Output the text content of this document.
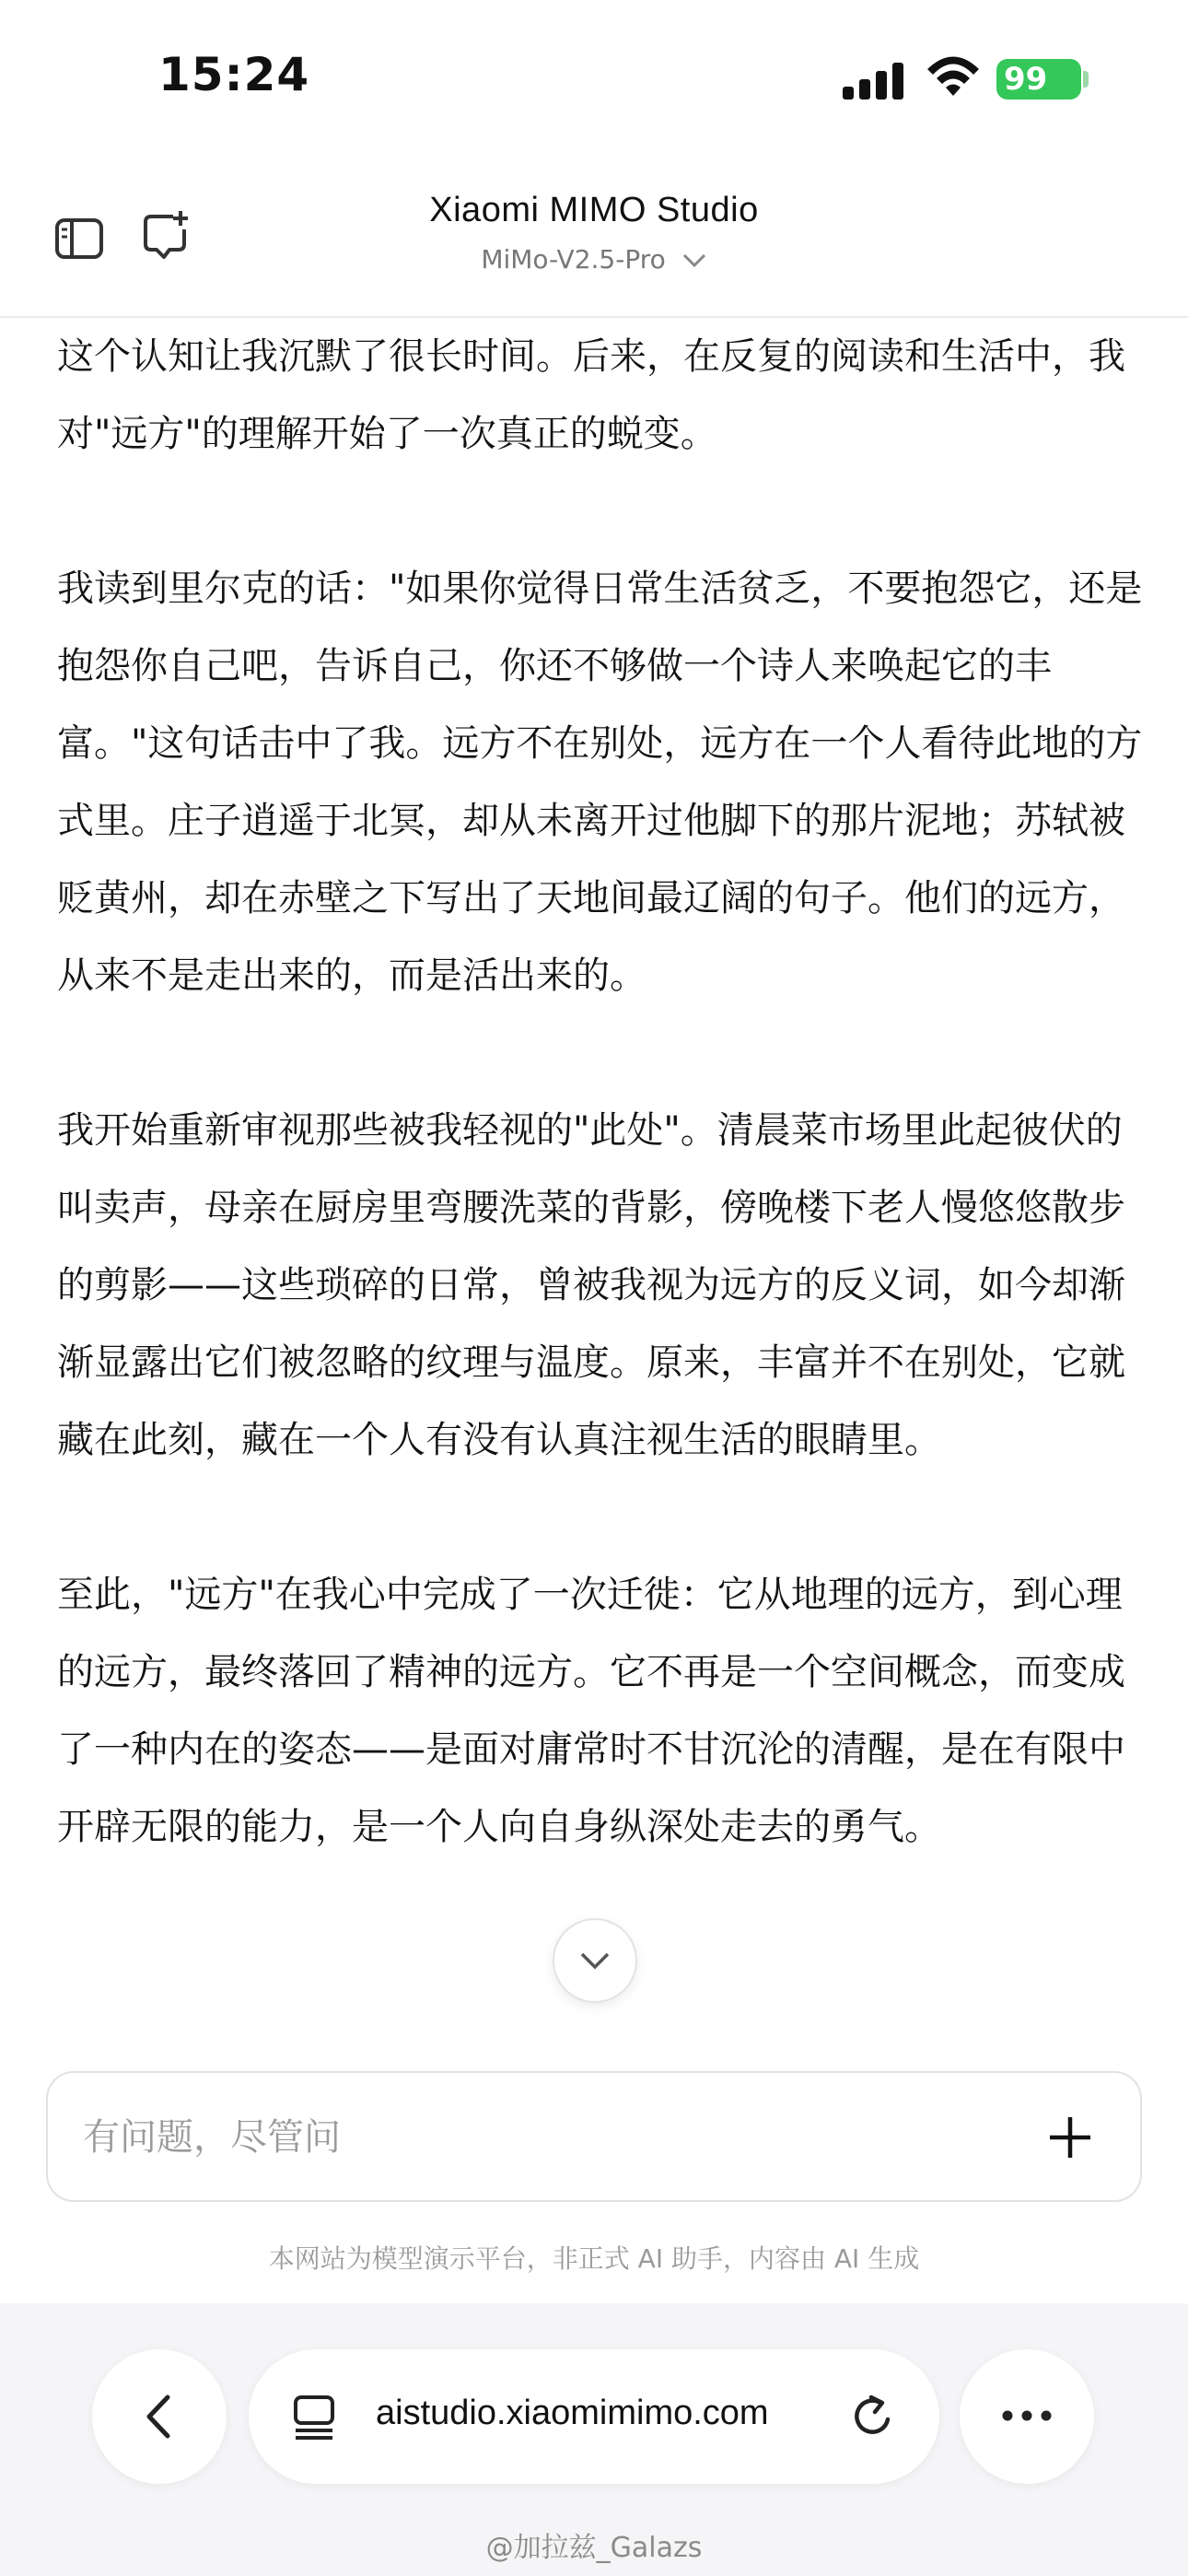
15:24	99
Xiaomi MIMO Studio
MiMo-V2.5-Pro

这个认知让我沉默了很长时间。后来，在反复的阅读和生活中，我对"远方"的理解开始了一次真正的蜕变。

我读到里尔克的话："如果你觉得日常生活贫乏，不要抱怨它，还是抱怨你自己吧，告诉自己，你还不够做一个诗人来唤起它的丰富。"这句话击中了我。远方不在别处，远方在一个人看待此地的方式里。庄子逍遥于北冥，却从未离开过他脚下的那片泥地；苏轼被贬黄州，却在赤壁之下写出了天地间最辽阔的句子。他们的远方，从来不是走出来的，而是活出来的。

我开始重新审视那些被我轻视的"此处"。清晨菜市场里此起彼伏的叫卖声，母亲在厨房里弯腰洗菜的背影，傍晚楼下老人慢悠悠散步的剪影——这些琐碎的日常，曾被我视为远方的反义词，如今却渐渐显露出它们被忽略的纹理与温度。原来，丰富并不在别处，它就藏在此刻，藏在一个人有没有认真注视生活的眼睛里。

至此，"远方"在我心中完成了一次迁徙：它从地理的远方，到心理的远方，最终落回了精神的远方。它不再是一个空间概念，而变成了一种内在的姿态——是面对庸常时不甘沉沦的清醒，是在有限中开辟无限的能力，是一个人向自身纵深处走去的勇气。

有问题，尽管问
本网站为模型演示平台，非正式 AI 助手，内容由 AI 生成
aistudio.xiaomimimo.com
@加拉兹_Galazs
